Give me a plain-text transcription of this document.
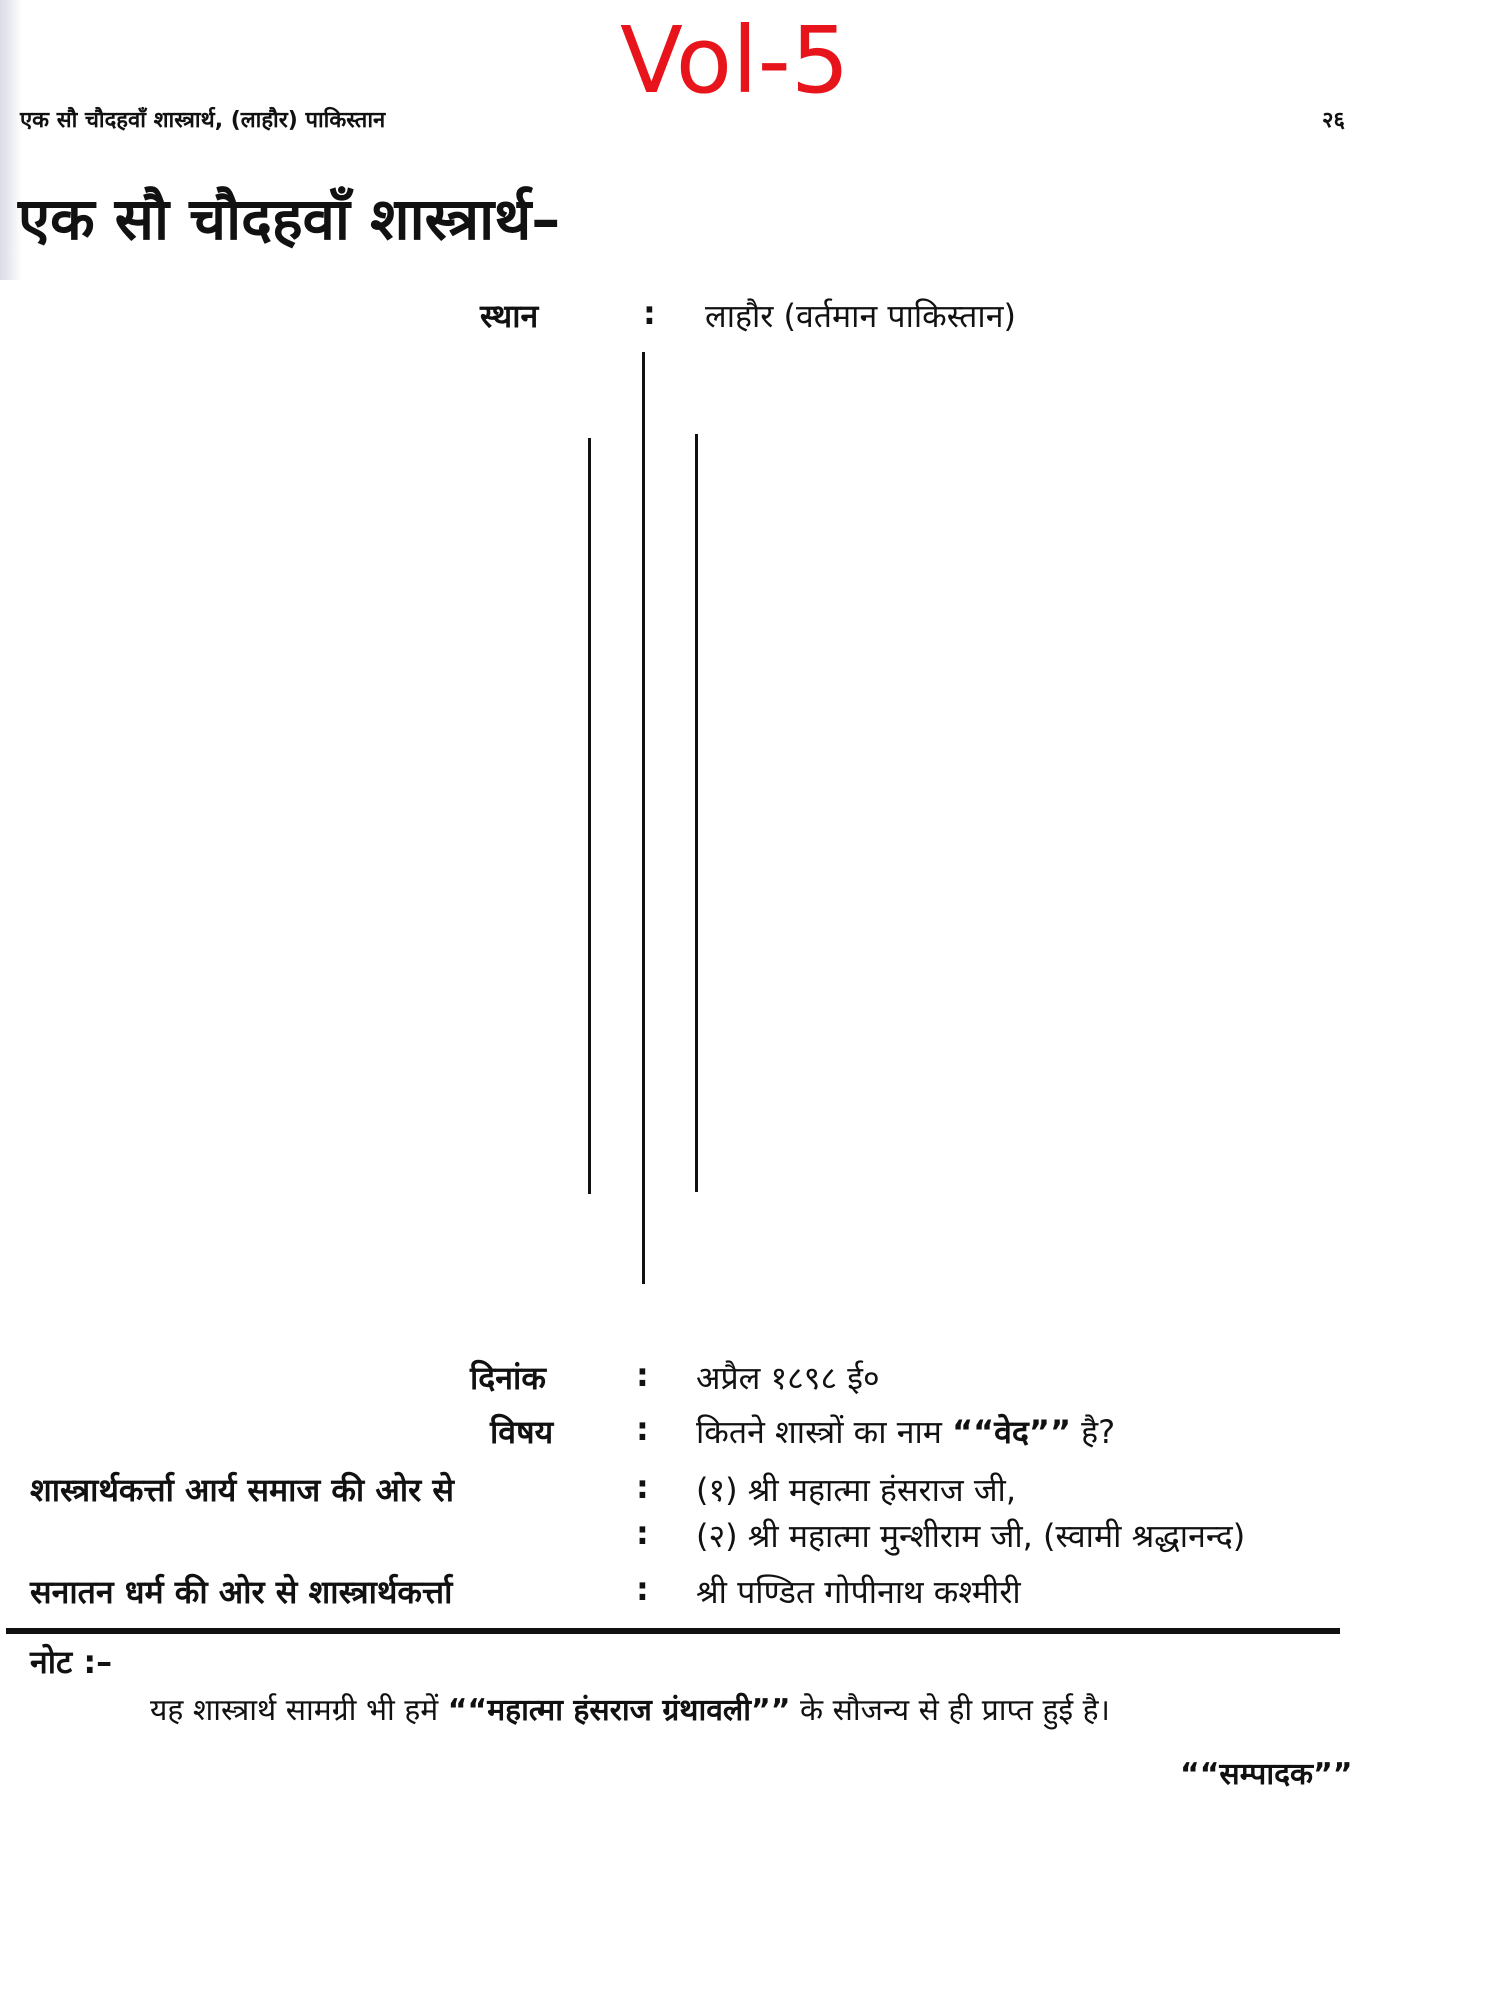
Vol-5
एक सौ चौदहवाँ शास्त्रार्थ, (लाहौर) पाकिस्तान	२६
एक सौ चौदहवाँ शास्त्रार्थ–
स्थान	: लाहौर (वर्तमान पाकिस्तान)
दिनांक	: अप्रैल १८९८ ई०
विषय	: कितने शास्त्रों का नाम ““वेद”” है?
शास्त्रार्थकर्त्ता आर्य समाज की ओर से	: (१) श्री महात्मा हंसराज जी,
: (२) श्री महात्मा मुन्शीराम जी, (स्वामी श्रद्धानन्द)
सनातन धर्म की ओर से शास्त्रार्थकर्त्ता	: श्री पण्डित गोपीनाथ कश्मीरी
नोट :–
यह शास्त्रार्थ सामग्री भी हमें ““महात्मा हंसराज ग्रंथावली”” के सौजन्य से ही प्राप्त हुई है।
““सम्पादक””
